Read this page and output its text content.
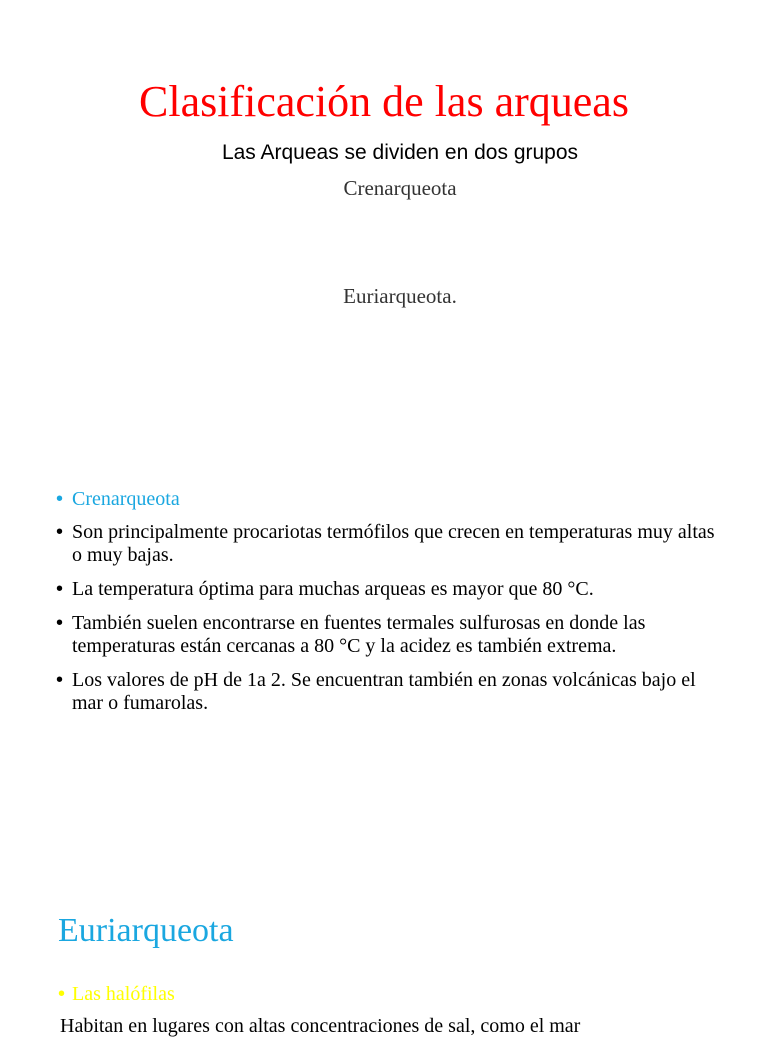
Clasificación de las arqueas
Las Arqueas se dividen en dos grupos
Crenarqueota
Euriarqueota.
• Crenarqueota
• Son principalmente procariotas termófilos que crecen en temperaturas muy altas o muy bajas.
• La temperatura óptima para muchas arqueas es mayor que 80 °C.
• También suelen encontrarse en fuentes termales sulfurosas en donde las temperaturas están cercanas a 80 °C y la acidez es también extrema.
• Los valores de pH de 1a 2. Se encuentran también en zonas volcánicas bajo el mar o fumarolas.
Euriarqueota
• Las halófilas
Habitan en lugares con altas concentraciones de sal, como el mar
